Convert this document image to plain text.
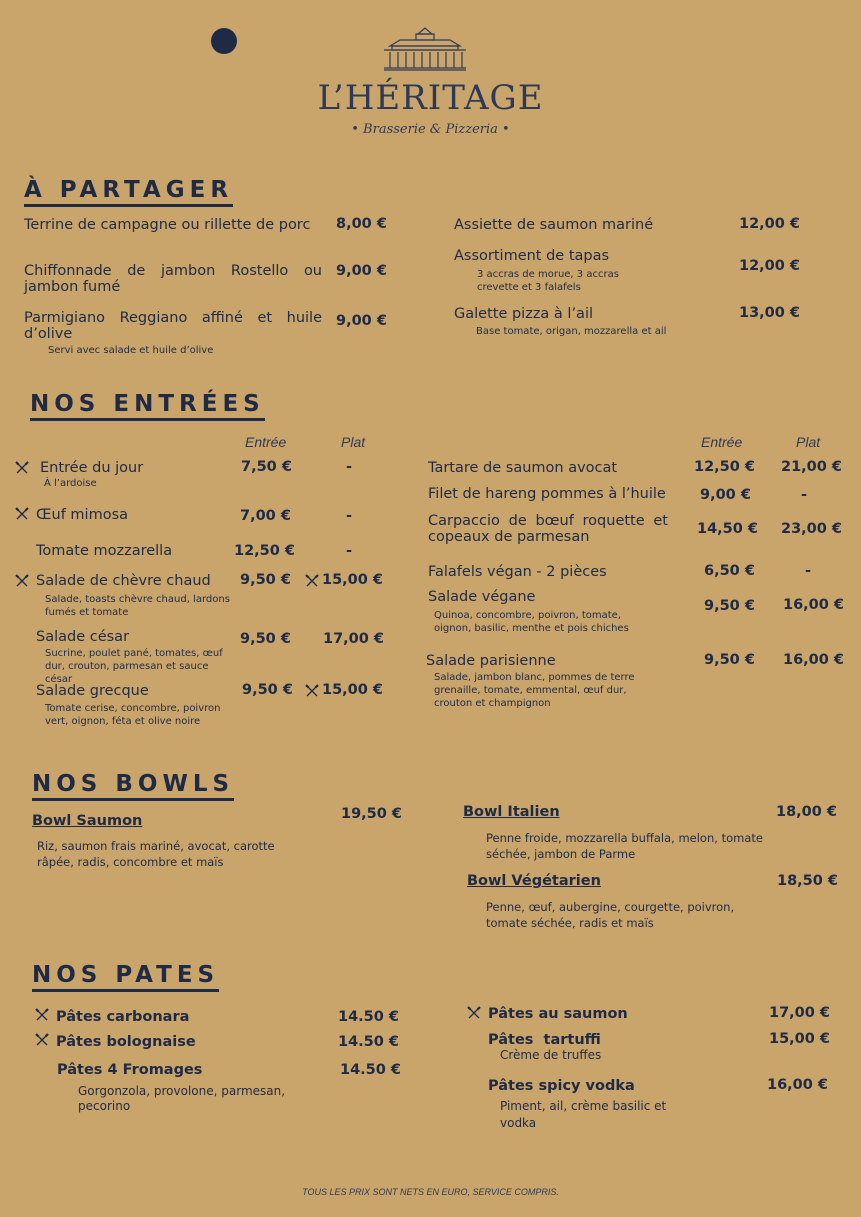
L’HÉRITAGE
• Brasserie & Pizzeria •
À PARTAGER
Terrine de campagne ou rillette de porc	8,00 €
Chiffonnade de jambon Rostello ou jambon fumé
9,00 €
Parmigiano Reggiano affiné et huile d’olive
9,00 €
Servi avec salade et huile d’olive
Assiette de saumon mariné	12,00 €
Assortiment de tapas
12,00 €
3 accras de morue, 3 accras crevette et 3 falafels
Galette pizza à l’ail	13,00 €
Base tomate, origan, mozzarella et ail
NOS ENTRÉES
Entrée	Plat	Entrée	Plat
Entrée du jour
À l’ardoise
7,50 €	-
Œuf mimosa	7,00 €	-
Tomate mozzarella	12,50 €	-
Salade de chèvre chaud
Salade, toasts chèvre chaud, lardons fumés et tomate
9,50 € 15,00 €
Salade césar
Sucrine, poulet pané, tomates, œuf dur, crouton, parmesan et sauce césar
9,50 € 17,00 €
Salade grecque
Tomate cerise, concombre, poivron vert, oignon, féta et olive noire
9,50 € 15,00 €
Tartare de saumon avocat	12,50 € 21,00 €
Filet de hareng pommes à l’huile 9,00 €	-
Carpaccio de bœuf roquette et copeaux de parmesan	14,50 € 23,00 €
Falafels végan - 2 pièces	6,50 €	-
Salade végane
Quinoa, concombre, poivron, tomate, oignon, basilic, menthe et pois chiches
9,50 € 16,00 €
Salade parisienne
Salade, jambon blanc, pommes de terre grenaille, tomate, emmental, œuf dur, crouton et champignon
9,50 € 16,00 €
NOS BOWLS
Bowl Saumon	19,50 €
Riz, saumon frais mariné, avocat, carotte râpée, radis, concombre et maïs
Bowl Italien	18,00 €
Penne froide, mozzarella buffala, melon, tomate séchée, jambon de Parme
Bowl Végétarien	18,50 €
Penne, œuf, aubergine, courgette, poivron, tomate séchée, radis et maïs
NOS PATES
Pâtes carbonara	14.50 €
Pâtes bolognaise	14.50 €
Pâtes 4 Fromages	14.50 €
Gorgonzola, provolone, parmesan, pecorino
Pâtes au saumon	17,00 €
Pâtes  tartuffi	15,00 €
Crème de truffes
Pâtes spicy vodka	16,00 €
Piment, ail, crème basilic et vodka
TOUS LES PRIX SONT NETS EN EURO, SERVICE COMPRIS.
